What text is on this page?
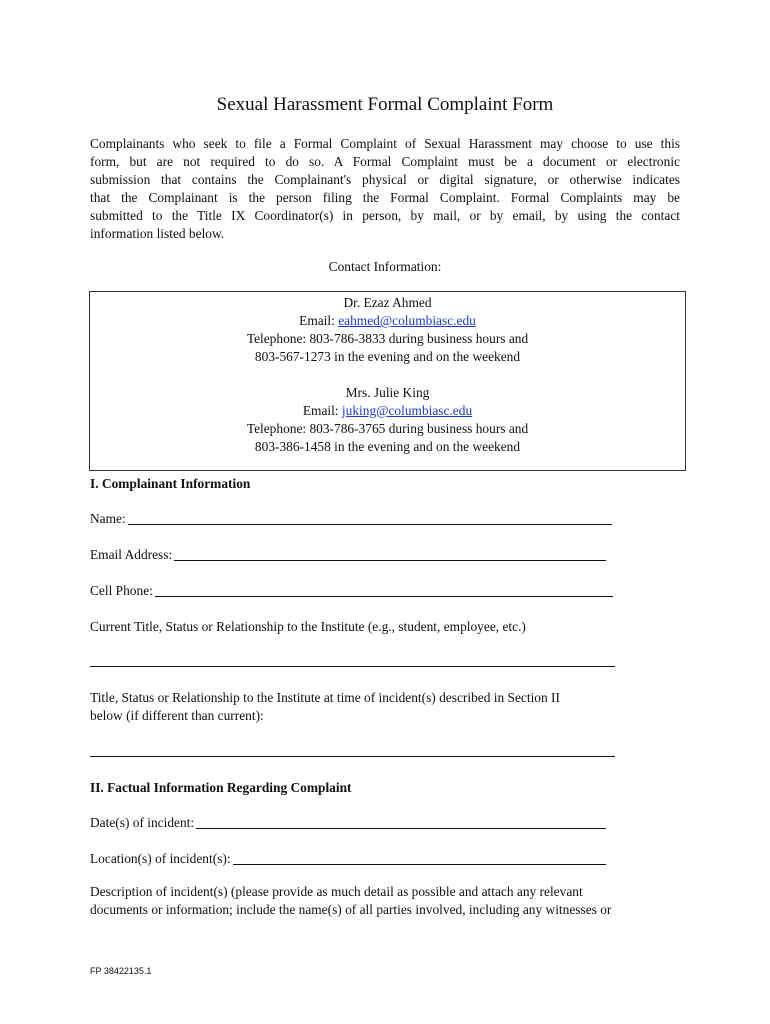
Sexual Harassment Formal Complaint Form
Complainants who seek to file a Formal Complaint of Sexual Harassment may choose to use this
form, but are not required to do so. A Formal Complaint must be a document or electronic
submission that contains the Complainant's physical or digital signature, or otherwise indicates
that the Complainant is the person filing the Formal Complaint. Formal Complaints may be
submitted to the Title IX Coordinator(s) in person, by mail, or by email, by using the contact
information listed below.
Contact Information:
Dr. Ezaz Ahmed
Email: eahmed@columbiasc.edu
Telephone: 803-786-3833 during business hours and
803-567-1273 in the evening and on the weekend
Mrs. Julie King
Email: juking@columbiasc.edu
Telephone: 803-786-3765 during business hours and
803-386-1458 in the evening and on the weekend
I. Complainant Information
Name:
Email Address:
Cell Phone:
Current Title, Status or Relationship to the Institute (e.g., student, employee, etc.)
Title, Status or Relationship to the Institute at time of incident(s) described in Section II
below (if different than current):
II. Factual Information Regarding Complaint
Date(s) of incident:
Location(s) of incident(s):
Description of incident(s) (please provide as much detail as possible and attach any relevant
documents or information; include the name(s) of all parties involved, including any witnesses or
FP 38422135.1
